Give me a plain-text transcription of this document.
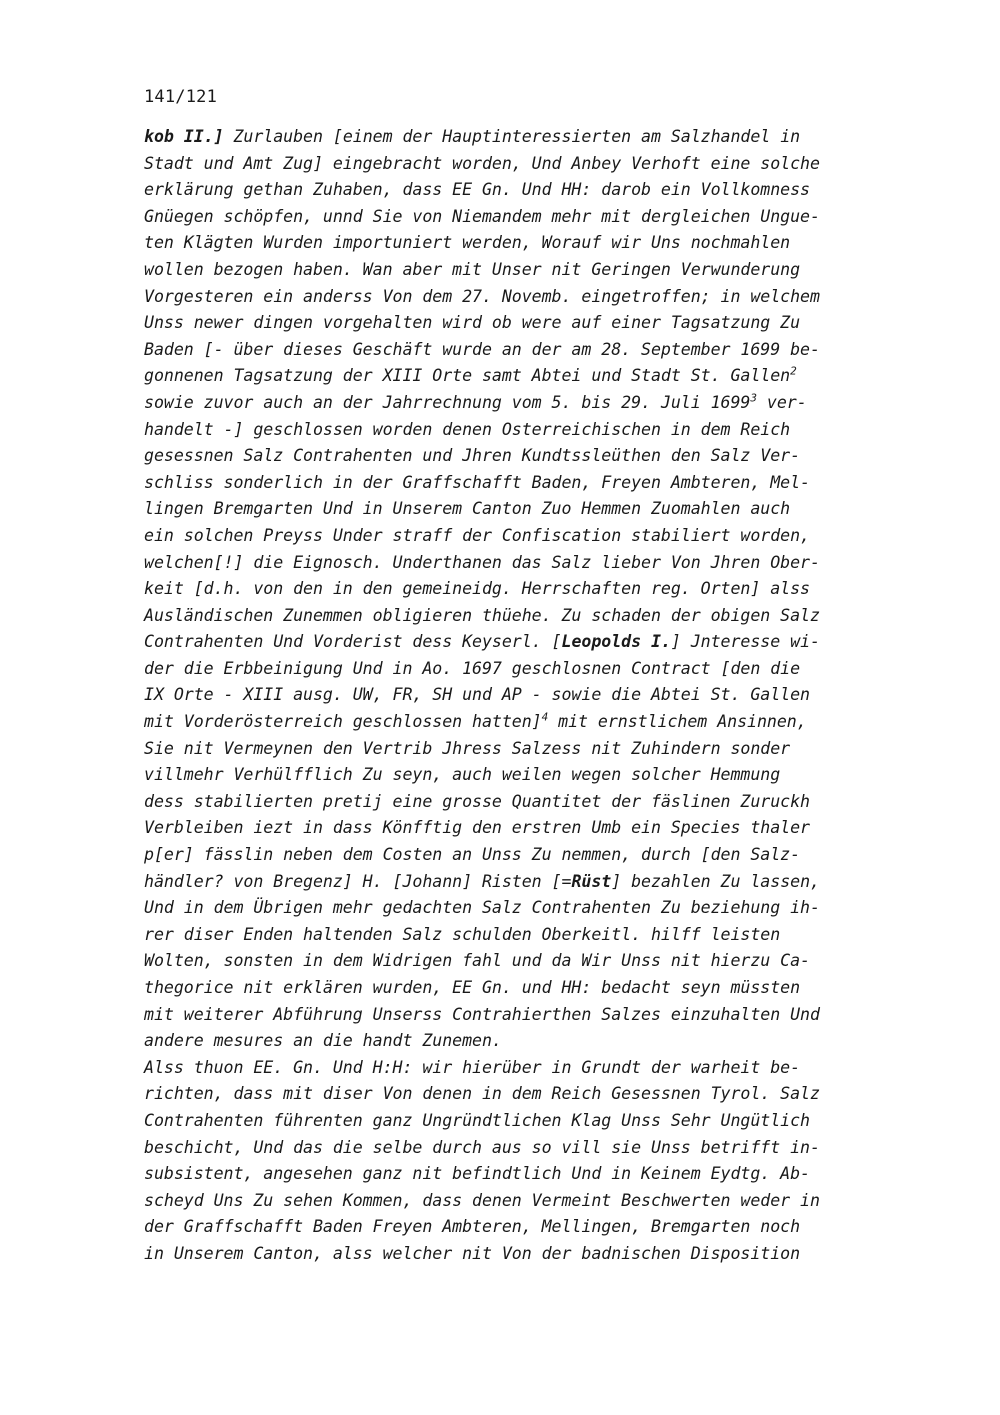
141/121
kob II.] Zurlauben [einem der Hauptinteressierten am Salzhandel in
Stadt und Amt Zug] eingebracht worden, Und Anbey Verhoft eine solche
erklärung gethan Zuhaben, dass EE Gn. Und HH: darob ein Vollkomness
Gnüegen schöpfen, unnd Sie von Niemandem mehr mit dergleichen Ungue-
ten Klägten Wurden importuniert werden, Worauf wir Uns nochmahlen
wollen bezogen haben. Wan aber mit Unser nit Geringen Verwunderung
Vorgesteren ein anderss Von dem 27. Novemb. eingetroffen; in welchem
Unss newer dingen vorgehalten wird ob were auf einer Tagsatzung Zu
Baden [- über dieses Geschäft wurde an der am 28. September 1699 be-
gonnenen Tagsatzung der XIII Orte samt Abtei und Stadt St. Gallen$^2$
sowie zuvor auch an der Jahrrechnung vom 5. bis 29. Juli 1699$^3$ ver-
handelt -] geschlossen worden denen Osterreichischen in dem Reich
gesessnen Salz Contrahenten und Jhren Kundtssleüthen den Salz Ver-
schliss sonderlich in der Graffschafft Baden, Freyen Ambteren, Mel-
lingen Bremgarten Und in Unserem Canton Zuo Hemmen Zuomahlen auch
ein solchen Preyss Under straff der Confiscation stabiliert worden,
welchen[!] die Eignosch. Underthanen das Salz lieber Von Jhren Ober-
keit [d.h. von den in den gemeineidg. Herrschaften reg. Orten] alss
Ausländischen Zunemmen obligieren thüehe. Zu schaden der obigen Salz
Contrahenten Und Vorderist dess Keyserl. [Leopolds I.] Jnteresse wi-
der die Erbbeinigung Und in Ao. 1697 geschlosnen Contract [den die
IX Orte - XIII ausg. UW, FR, SH und AP - sowie die Abtei St. Gallen
mit Vorderösterreich geschlossen hatten]$^4$ mit ernstlichem Ansinnen,
Sie nit Vermeynen den Vertrib Jhress Salzess nit Zuhindern sonder
villmehr Verhülfflich Zu seyn, auch weilen wegen solcher Hemmung
dess stabilierten pretij eine grosse Quantitet der fäslinen Zuruckh
Verbleiben iezt in dass Könfftig den erstren Umb ein Species thaler
p[er] fässlin neben dem Costen an Unss Zu nemmen, durch [den Salz-
händler? von Bregenz] H. [Johann] Risten [=Rüst] bezahlen Zu lassen,
Und in dem Übrigen mehr gedachten Salz Contrahenten Zu beziehung ih-
rer diser Enden haltenden Salz schulden Oberkeitl. hilff leisten
Wolten, sonsten in dem Widrigen fahl und da Wir Unss nit hierzu Ca-
thegorice nit erklären wurden, EE Gn. und HH: bedacht seyn müssten
mit weiterer Abführung Unserss Contrahierthen Salzes einzuhalten Und
andere mesures an die handt Zunemen.
Alss thuon EE. Gn. Und H:H: wir hierüber in Grundt der warheit be-
richten, dass mit diser Von denen in dem Reich Gesessnen Tyrol. Salz
Contrahenten führenten ganz Ungründtlichen Klag Unss Sehr Ungütlich
beschicht, Und das die selbe durch aus so vill sie Unss betrifft in-
subsistent, angesehen ganz nit befindtlich Und in Keinem Eydtg. Ab-
scheyd Uns Zu sehen Kommen, dass denen Vermeint Beschwerten weder in
der Graffschafft Baden Freyen Ambteren, Mellingen, Bremgarten noch
in Unserem Canton, alss welcher nit Von der badnischen Disposition
